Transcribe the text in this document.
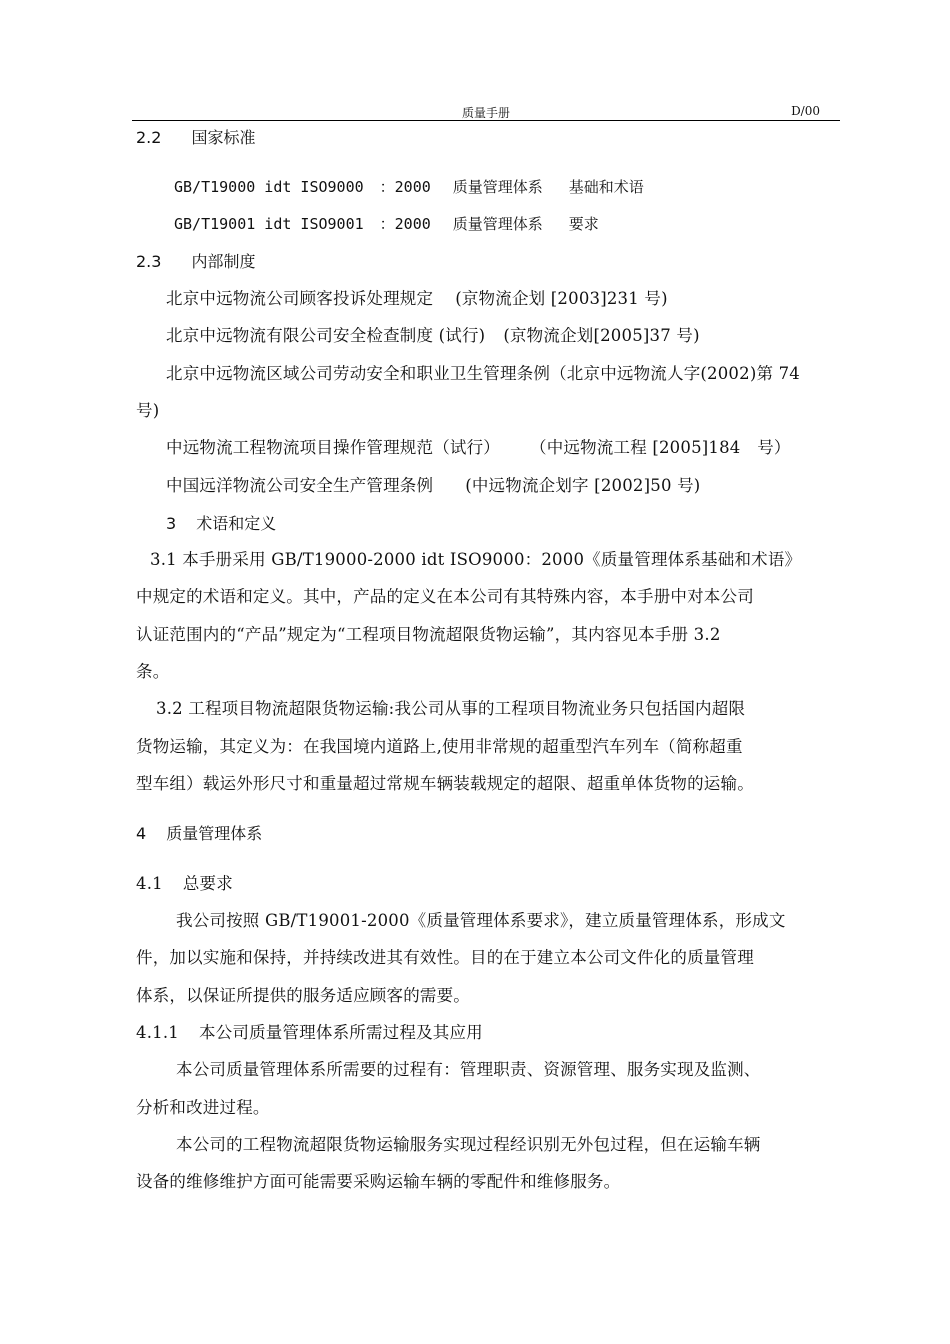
质量手册	D/00
2.2 国家标准
GB/T19000 idt ISO9000 ：2000 质量管理体系 基础和术语
GB/T19001 idt ISO9001 ：2000 质量管理体系 要求
2.3 内部制度
北京中远物流公司顾客投诉处理规定 (京物流企划 [2003]231 号)
北京中远物流有限公司安全检查制度 (试行) (京物流企划[2005]37 号)
北京中远物流区域公司劳动安全和职业卫生管理条例（北京中远物流人字(2002)第 74
号)
中远物流工程物流项目操作管理规范（试行） （中远物流工程 [2005]184　号）
中国远洋物流公司安全生产管理条例 (中远物流企划字 [2002]50 号)
3 术语和定义
3.1 本手册采用 GB/T19000-2000 idt ISO9000：2000《质量管理体系基础和术语》
中规定的术语和定义。其中，产品的定义在本公司有其特殊内容，本手册中对本公司
认证范围内的“产品”规定为“工程项目物流超限货物运输”，其内容见本手册 3.2
条。
3.2 工程项目物流超限货物运输:我公司从事的工程项目物流业务只包括国内超限
货物运输，其定义为：在我国境内道路上,使用非常规的超重型汽车列车（简称超重
型车组）载运外形尺寸和重量超过常规车辆装载规定的超限、超重单体货物的运输。
4 质量管理体系
4.1 总要求
我公司按照 GB/T19001-2000《质量管理体系要求》，建立质量管理体系，形成文
件，加以实施和保持，并持续改进其有效性。目的在于建立本公司文件化的质量管理
体系，以保证所提供的服务适应顾客的需要。
4.1.1 本公司质量管理体系所需过程及其应用
本公司质量管理体系所需要的过程有：管理职责、资源管理、服务实现及监测、
分析和改进过程。
本公司的工程物流超限货物运输服务实现过程经识别无外包过程，但在运输车辆
设备的维修维护方面可能需要采购运输车辆的零配件和维修服务。
